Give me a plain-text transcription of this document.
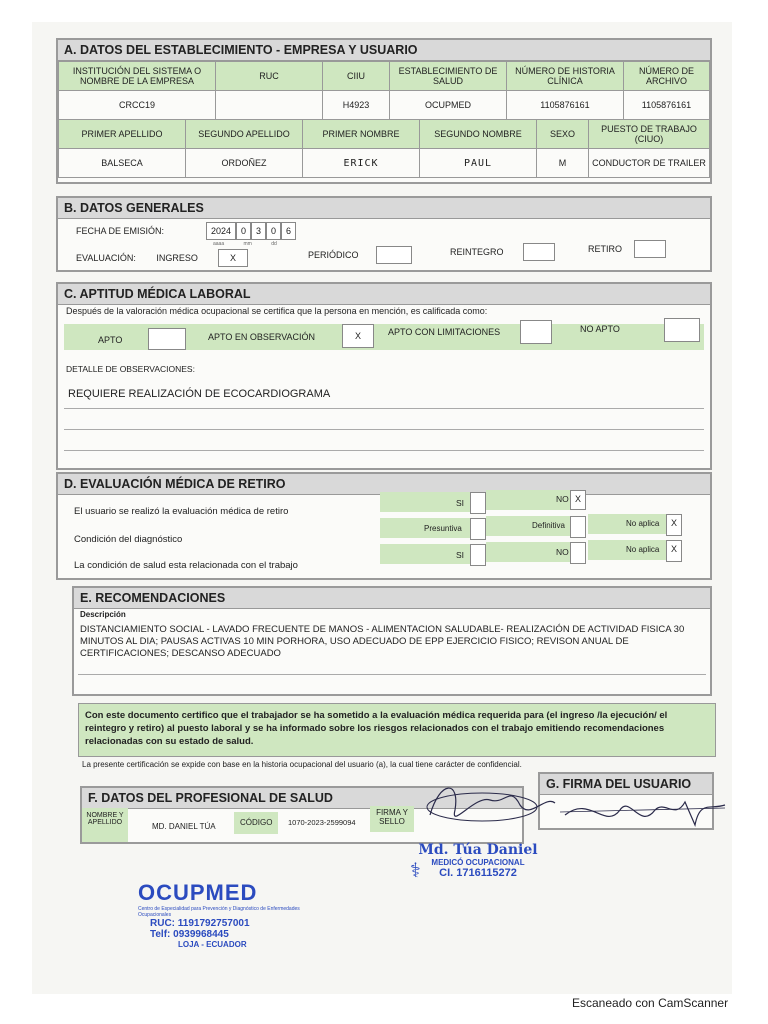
A. DATOS DEL ESTABLECIMIENTO - EMPRESA Y USUARIO
INSTITUCIÓN DEL SISTEMA O NOMBRE DE LA EMPRESA	RUC	CIIU	ESTABLECIMIENTO DE SALUD	NÚMERO DE HISTORIA CLÍNICA	NÚMERO DE ARCHIVO
CRCC19		H4923	OCUPMED	1105876161	1105876161
PRIMER APELLIDO	SEGUNDO APELLIDO	PRIMER NOMBRE	SEGUNDO NOMBRE	SEXO	PUESTO DE TRABAJO (CIUO)
BALSECA	ORDOÑEZ	ERICK	PAUL	M	CONDUCTOR DE TRAILER
B. DATOS GENERALES
FECHA DE EMISIÓN:	2024 0 3 0 6
aaaa	mm	dd
EVALUACIÓN: INGRESO	X	PERIÓDICO	REINTEGRO	RETIRO
C. APTITUD MÉDICA LABORAL
Después de la valoración médica ocupacional se certifica que la persona en mención, es calificada como:
APTO	APTO EN OBSERVACIÓN	X	APTO CON LIMITACIONES	NO APTO
DETALLE DE OBSERVACIONES:
REQUIERE REALIZACIÓN DE ECOCARDIOGRAMA
D. EVALUACIÓN MÉDICA DE RETIRO
El usuario se realizó la evaluación médica de retiro
Condición del diagnóstico
La condición de salud esta relacionada con el trabajo
SI	NO X
Presuntiva	Definitiva	No aplica	X
SI	NO	No aplica	X
E. RECOMENDACIONES
Descripción
DISTANCIAMIENTO SOCIAL - LAVADO FRECUENTE DE MANOS - ALIMENTACION SALUDABLE- REALIZACIÓN DE ACTIVIDAD FISICA 30 MINUTOS AL DIA; PAUSAS ACTIVAS 10 MIN PORHORA, USO ADECUADO DE EPP EJERCICIO FISICO; REVISON ANUAL DE CERTIFICACIONES; DESCANSO ADECUADO
Con este documento certifico que el trabajador se ha sometido a la evaluación médica requerida para (el ingreso /la ejecución/ el reintegro y retiro) al puesto laboral y se ha informado sobre los riesgos relacionados con el trabajo emitiendo recomendaciones relacionadas con su estado de salud.
La presente certificación se expide con base en la historia ocupacional del usuario (a), la cual tiene carácter de confidencial.
F. DATOS DEL PROFESIONAL DE SALUD
NOMBRE Y APELLIDO	MD. DANIEL TÚA	CÓDIGO 1070-2023-2599094
FIRMA Y SELLO
G. FIRMA DEL USUARIO
Md. Túa Daniel
MEDICÓ OCUPACIONAL
CI. 1716115272
⚕
OCUPMED
Centro de Especialidad para Prevención y Diagnóstico de Enfermedades Ocupacionales
RUC: 1191792757001
Telf: 0939968445
LOJA - ECUADOR
Escaneado con CamScanner
